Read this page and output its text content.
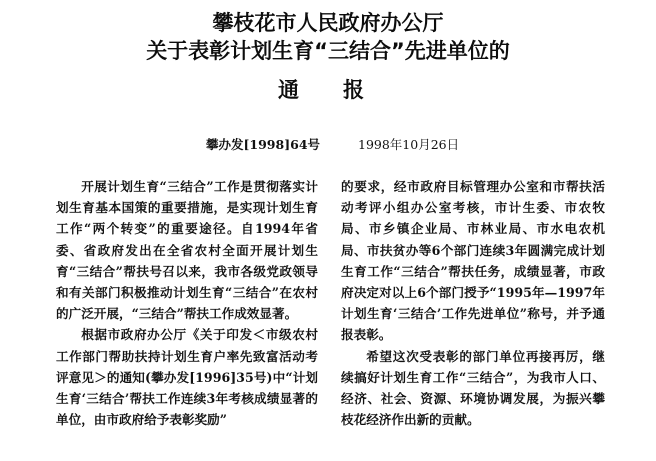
攀枝花市人民政府办公厅
关于表彰计划生育“三结合”先进单位的
通报
攀办发[1998]64号	1998年10月26日

开展计划生育“三结合”工作是贯彻落实计划生育基本国策的重要措施，是实现计划生育工作“两个转变”的重要途径。自1994年省委、省政府发出在全省农村全面开展计划生育“三结合”帮扶号召以来，我市各级党政领导和有关部门积极推动计划生育“三结合”在农村的广泛开展，“三结合”帮扶工作成效显著。

根据市政府办公厅《关于印发＜市级农村工作部门帮助扶持计划生育户率先致富活动考评意见＞的通知(攀办发[1996]35号)中“计划生育‘三结合’帮扶工作连续3年考核成绩显著的单位，由市政府给予表彰奖励”

的要求，经市政府目标管理办公室和市帮扶活动考评小组办公室考核，市计生委、市农牧局、市乡镇企业局、市林业局、市水电农机局、市扶贫办等6个部门连续3年圆满完成计划生育工作“三结合”帮扶任务，成绩显著，市政府决定对以上6个部门授予“1995年—1997年计划生育‘三结合’工作先进单位”称号，并予通报表彰。

希望这次受表彰的部门单位再接再厉，继续搞好计划生育工作“三结合”，为我市人口、经济、社会、资源、环境协调发展，为振兴攀枝花经济作出新的贡献。
